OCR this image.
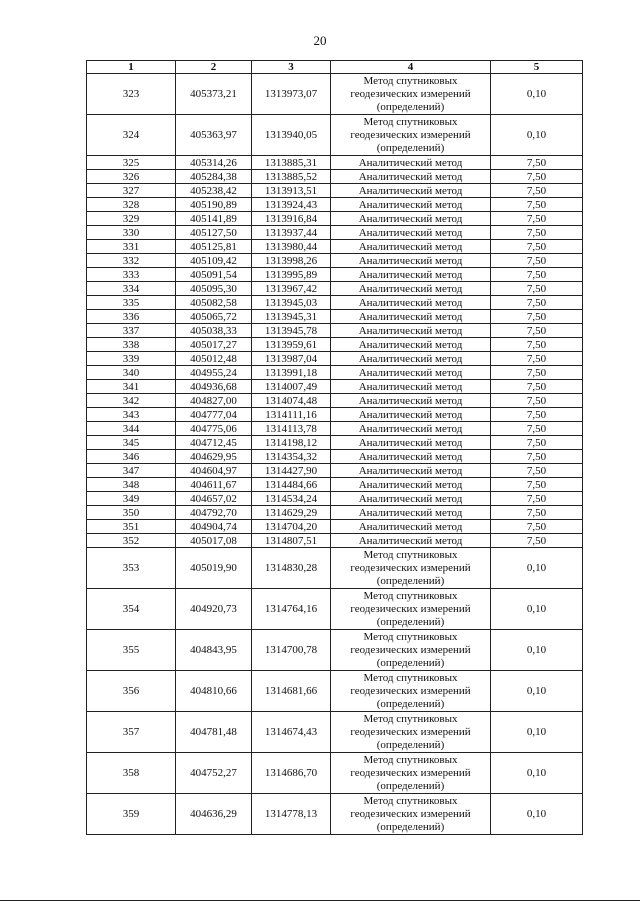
20
1	2	3	4	5
323	405373,21	1313973,07	Метод спутниковых геодезических измерений (определений)	0,10
324	405363,97	1313940,05	Метод спутниковых геодезических измерений (определений)	0,10
325	405314,26	1313885,31	Аналитический метод	7,50
326	405284,38	1313885,52	Аналитический метод	7,50
327	405238,42	1313913,51	Аналитический метод	7,50
328	405190,89	1313924,43	Аналитический метод	7,50
329	405141,89	1313916,84	Аналитический метод	7,50
330	405127,50	1313937,44	Аналитический метод	7,50
331	405125,81	1313980,44	Аналитический метод	7,50
332	405109,42	1313998,26	Аналитический метод	7,50
333	405091,54	1313995,89	Аналитический метод	7,50
334	405095,30	1313967,42	Аналитический метод	7,50
335	405082,58	1313945,03	Аналитический метод	7,50
336	405065,72	1313945,31	Аналитический метод	7,50
337	405038,33	1313945,78	Аналитический метод	7,50
338	405017,27	1313959,61	Аналитический метод	7,50
339	405012,48	1313987,04	Аналитический метод	7,50
340	404955,24	1313991,18	Аналитический метод	7,50
341	404936,68	1314007,49	Аналитический метод	7,50
342	404827,00	1314074,48	Аналитический метод	7,50
343	404777,04	1314111,16	Аналитический метод	7,50
344	404775,06	1314113,78	Аналитический метод	7,50
345	404712,45	1314198,12	Аналитический метод	7,50
346	404629,95	1314354,32	Аналитический метод	7,50
347	404604,97	1314427,90	Аналитический метод	7,50
348	404611,67	1314484,66	Аналитический метод	7,50
349	404657,02	1314534,24	Аналитический метод	7,50
350	404792,70	1314629,29	Аналитический метод	7,50
351	404904,74	1314704,20	Аналитический метод	7,50
352	405017,08	1314807,51	Аналитический метод	7,50
353	405019,90	1314830,28	Метод спутниковых геодезических измерений (определений)	0,10
354	404920,73	1314764,16	Метод спутниковых геодезических измерений (определений)	0,10
355	404843,95	1314700,78	Метод спутниковых геодезических измерений (определений)	0,10
356	404810,66	1314681,66	Метод спутниковых геодезических измерений (определений)	0,10
357	404781,48	1314674,43	Метод спутниковых геодезических измерений (определений)	0,10
358	404752,27	1314686,70	Метод спутниковых геодезических измерений (определений)	0,10
359	404636,29	1314778,13	Метод спутниковых геодезических измерений (определений)	0,10
